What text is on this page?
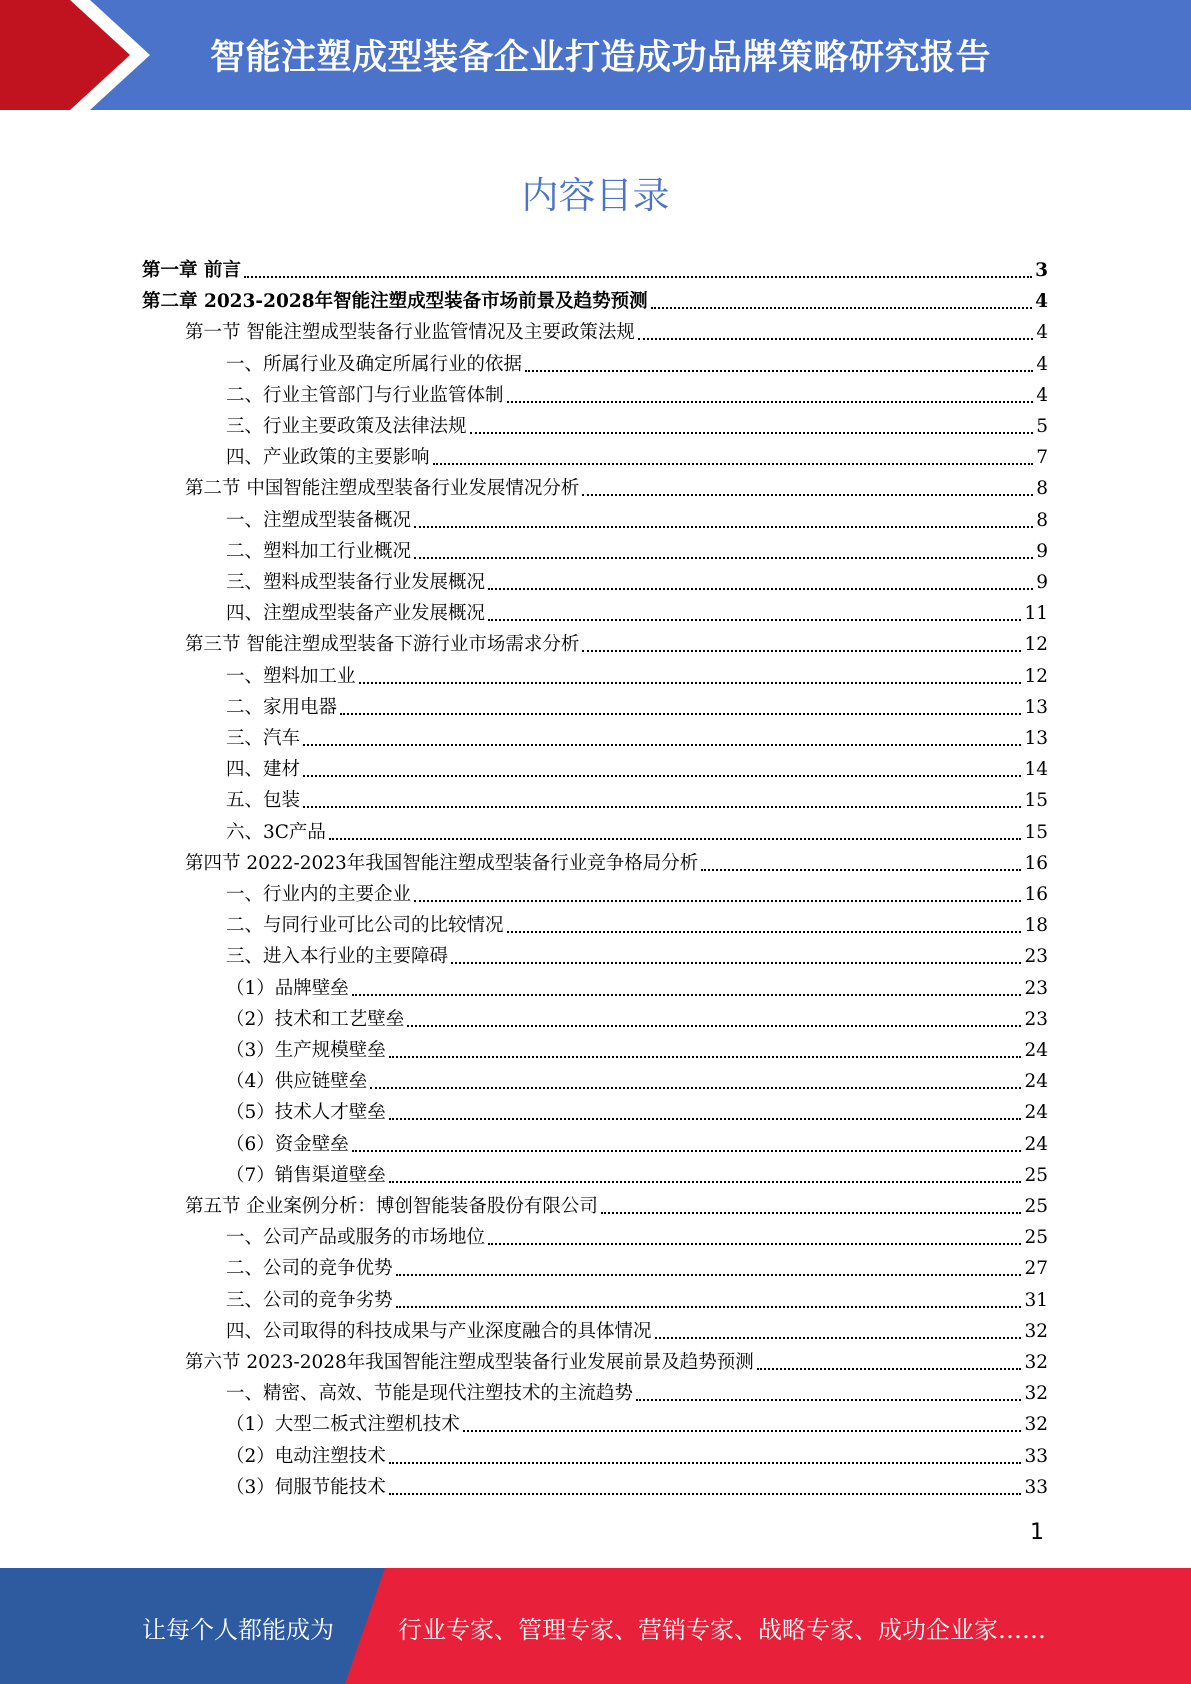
智能注塑成型装备企业打造成功品牌策略研究报告
内容目录
第一章 前言	3
第二章 2023-2028年智能注塑成型装备市场前景及趋势预测	4
第一节 智能注塑成型装备行业监管情况及主要政策法规	4
一、所属行业及确定所属行业的依据	4
二、行业主管部门与行业监管体制	4
三、行业主要政策及法律法规	5
四、产业政策的主要影响	7
第二节 中国智能注塑成型装备行业发展情况分析	8
一、注塑成型装备概况	8
二、塑料加工行业概况	9
三、塑料成型装备行业发展概况	9
四、注塑成型装备产业发展概况	11
第三节 智能注塑成型装备下游行业市场需求分析	12
一、塑料加工业	12
二、家用电器	13
三、汽车	13
四、建材	14
五、包装	15
六、3C产品	15
第四节 2022-2023年我国智能注塑成型装备行业竞争格局分析	16
一、行业内的主要企业	16
二、与同行业可比公司的比较情况	18
三、进入本行业的主要障碍	23
（1）品牌壁垒	23
（2）技术和工艺壁垒	23
（3）生产规模壁垒	24
（4）供应链壁垒	24
（5）技术人才壁垒	24
（6）资金壁垒	24
（7）销售渠道壁垒	25
第五节 企业案例分析：博创智能装备股份有限公司	25
一、公司产品或服务的市场地位	25
二、公司的竞争优势	27
三、公司的竞争劣势	31
四、公司取得的科技成果与产业深度融合的具体情况	32
第六节 2023-2028年我国智能注塑成型装备行业发展前景及趋势预测	32
一、精密、高效、节能是现代注塑技术的主流趋势	32
（1）大型二板式注塑机技术	32
（2）电动注塑技术	33
（3）伺服节能技术	33
1
让每个人都能成为	行业专家、管理专家、营销专家、战略专家、成功企业家……
